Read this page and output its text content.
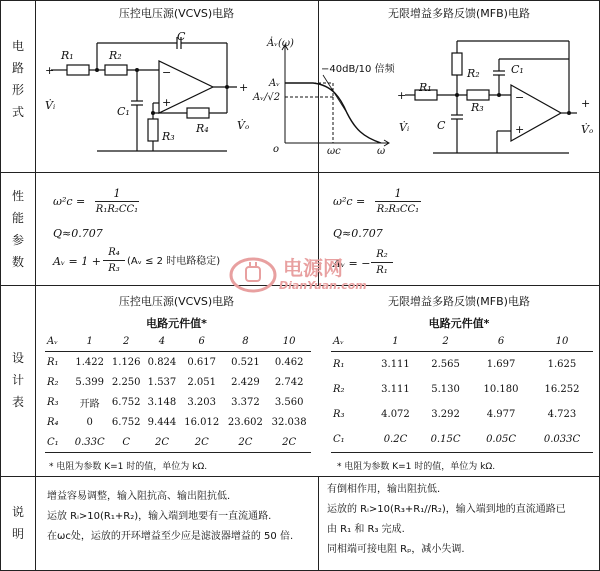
电
路
形
式
性
能
参
数
设
计
表
说
明
压控电压源(VCVS)电路	无限增益多路反馈(MFB)电路
R₁	R₂
C
C₁
R₃
R₄
V̇ᵢ
V̇ₒ
+
+
−
+
Ȧᵥ(ω)
−40dB/10 倍频
Aᵥ
Aᵥ/√2
o	ωc	ω
R₁
R₂
R₃
C
C₁
V̇ᵢ	V̇ₒ
+
+
−
+
ω²c =
1
R₁R₂CC₁
Q≈0.707
Aᵥ = 1 +
R₄
R₃
(Aᵥ ≤ 2 时电路稳定)
ω²c =
1
R₂R₃CC₁
Q≈0.707
Aᵥ = −
R₂
R₁
电源网
DianYuan.com
压控电压源(VCVS)电路	无限增益多路反馈(MFB)电路
电路元件值*	电路元件值*
Aᵥ	1	2	4	6	8	10
R₁	1.422	1.126	0.824	0.617	0.521	0.462
R₂	5.399	2.250	1.537	2.051	2.429	2.742
R₃	开路	6.752	3.148	3.203	3.372	3.560
R₄	0	6.752	9.444	16.012	23.602	32.038
C₁	0.33C	C	2C	2C	2C	2C
* 电阻为参数 K=1 时的值，单位为 kΩ.
Aᵥ	1	2	6	10
R₁	3.111	2.565	1.697	1.625
R₂	3.111	5.130	10.180	16.252
R₃	4.072	3.292	4.977	4.723
C₁	0.2C	0.15C	0.05C	0.033C
* 电阻为参数 K=1 时的值，单位为 kΩ.
增益容易调整，输入阻抗高、输出阻抗低.
运放 Rᵢ>10(R₁+R₂)，输入端到地要有一直流通路.
在ωc处，运放的开环增益至少应是滤波器增益的 50 倍.
有倒相作用，输出阻抗低.
运放的 Rᵢ>10(R₃+R₁//R₂)，输入端到地的直流通路已
由 R₁ 和 R₃ 完成.
同相端可接电阻 Rₚ，减小失调.
